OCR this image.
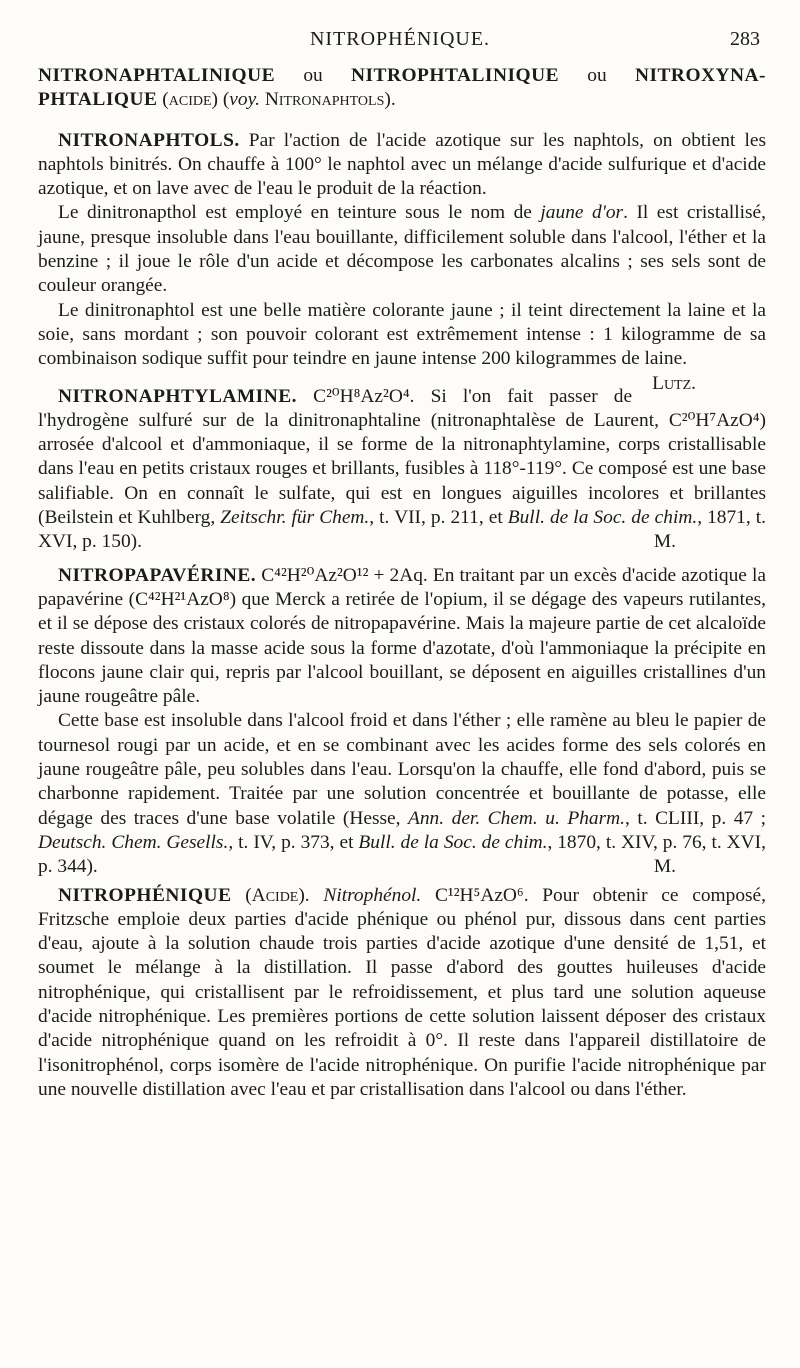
NITROPHÉNIQUE.	283

NITRONAPHTALINIQUE ou NITROPHTALINIQUE ou NITROXYNA-PHTALIQUE (acide) (voy. Nitronaphtols).

NITRONAPHTOLS. Par l'action de l'acide azotique sur les naphtols, on obtient les naphtols binitrés. On chauffe à 100° le naphtol avec un mélange d'acide sulfurique et d'acide azotique, et on lave avec de l'eau le produit de la réaction.

Le dinitronapthol est employé en teinture sous le nom de jaune d'or. Il est cristallisé, jaune, presque insoluble dans l'eau bouillante, difficilement soluble dans l'alcool, l'éther et la benzine ; il joue le rôle d'un acide et décompose les carbonates alcalins ; ses sels sont de couleur orangée.

Le dinitronaphtol est une belle matière colorante jaune ; il teint directement la laine et la soie, sans mordant ; son pouvoir colorant est extrêmement intense : 1 kilogramme de sa combinaison sodique suffit pour teindre en jaune intense 200 kilogrammes de laine.
Lutz.

NITRONAPHTYLAMINE. C²⁰H⁸Az²O⁴. Si l'on fait passer de l'hydrogène sulfuré sur de la dinitronaphtaline (nitronaphtalèse de Laurent, C²⁰H⁷AzO⁴) arrosée d'alcool et d'ammoniaque, il se forme de la nitronaphtylamine, corps cristallisable dans l'eau en petits cristaux rouges et brillants, fusibles à 118°-119°. Ce composé est une base salifiable. On en connaît le sulfate, qui est en longues aiguilles incolores et brillantes (Beilstein et Kuhlberg, Zeitschr. für Chem., t. VII, p. 211, et Bull. de la Soc. de chim., 1871, t. XVI, p. 150).	M.

NITROPAPAVÉRINE. C⁴²H²⁰Az²O¹² + 2Aq. En traitant par un excès d'acide azotique la papavérine (C⁴²H²¹AzO⁸) que Merck a retirée de l'opium, il se dégage des vapeurs rutilantes, et il se dépose des cristaux colorés de nitropapavérine. Mais la majeure partie de cet alcaloïde reste dissoute dans la masse acide sous la forme d'azotate, d'où l'ammoniaque la précipite en flocons jaune clair qui, repris par l'alcool bouillant, se déposent en aiguilles cristallines d'un jaune rougeâtre pâle.

Cette base est insoluble dans l'alcool froid et dans l'éther ; elle ramène au bleu le papier de tournesol rougi par un acide, et en se combinant avec les acides forme des sels colorés en jaune rougeâtre pâle, peu solubles dans l'eau. Lorsqu'on la chauffe, elle fond d'abord, puis se charbonne rapidement. Traitée par une solution concentrée et bouillante de potasse, elle dégage des traces d'une base volatile (Hesse, Ann. der. Chem. u. Pharm., t. CLIII, p. 47 ; Deutsch. Chem. Gesells., t. IV, p. 373, et Bull. de la Soc. de chim., 1870, t. XIV, p. 76, t. XVI, p. 344).	M.

NITROPHÉNIQUE (Acide). Nitrophénol. C¹²H⁵AzO⁶. Pour obtenir ce composé, Fritzsche emploie deux parties d'acide phénique ou phénol pur, dissous dans cent parties d'eau, ajoute à la solution chaude trois parties d'acide azotique d'une densité de 1,51, et soumet le mélange à la distillation. Il passe d'abord des gouttes huileuses d'acide nitrophénique, qui cristallisent par le refroidissement, et plus tard une solution aqueuse d'acide nitrophénique. Les premières portions de cette solution laissent déposer des cristaux d'acide nitrophénique quand on les refroidit à 0°. Il reste dans l'appareil distillatoire de l'isonitrophénol, corps isomère de l'acide nitrophénique. On purifie l'acide nitrophénique par une nouvelle distillation avec l'eau et par cristallisation dans l'alcool ou dans l'éther.
